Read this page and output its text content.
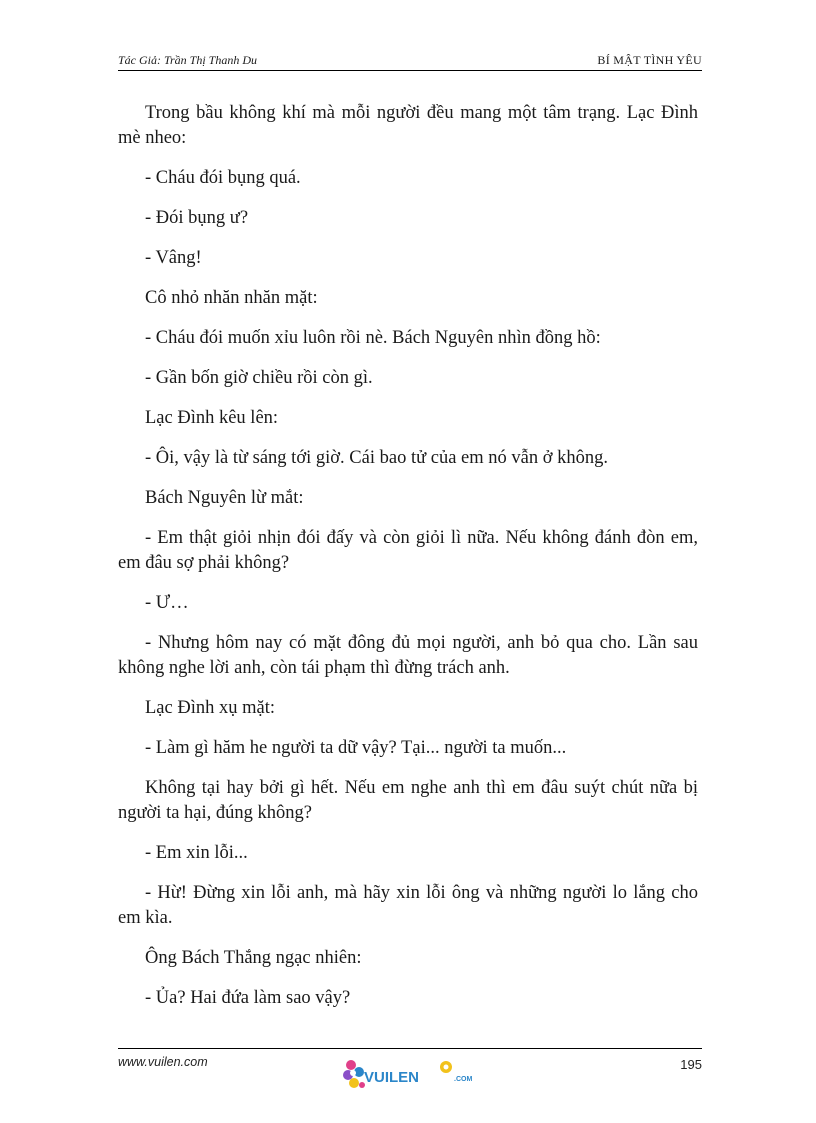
Tác Giả: Trần Thị Thanh Du	BÍ MẬT TÌNH YÊU

Trong bầu không khí mà mỗi người đều mang một tâm trạng. Lạc Đình mè nheo:

- Cháu đói bụng quá.

- Đói bụng ư?

- Vâng!

Cô nhỏ nhăn nhăn mặt:

- Cháu đói muốn xỉu luôn rồi nè. Bách Nguyên nhìn đồng hồ:

- Gần bốn giờ chiều rồi còn gì.

Lạc Đình kêu lên:

- Ôi, vậy là từ sáng tới giờ. Cái bao tử của em nó vẫn ở không.

Bách Nguyên lừ mắt:

- Em thật giỏi nhịn đói đấy và còn giỏi lì nữa. Nếu không đánh đòn em, em đâu sợ phải không?

- Ư…

- Nhưng hôm nay có mặt đông đủ mọi người, anh bỏ qua cho. Lần sau không nghe lời anh, còn tái phạm thì đừng trách anh.

Lạc Đình xụ mặt:

- Làm gì hăm he người ta dữ vậy? Tại... người ta muốn...

Không tại hay bởi gì hết. Nếu em nghe anh thì em đâu suýt chút nữa bị người ta hại, đúng không?

- Em xin lỗi...

- Hừ! Đừng xin lỗi anh, mà hãy xin lỗi ông và những người lo lắng cho em kìa.

Ông Bách Thắng ngạc nhiên:

- Ủa? Hai đứa làm sao vậy?

www.vuilen.com
VUILEN	.COM
195
